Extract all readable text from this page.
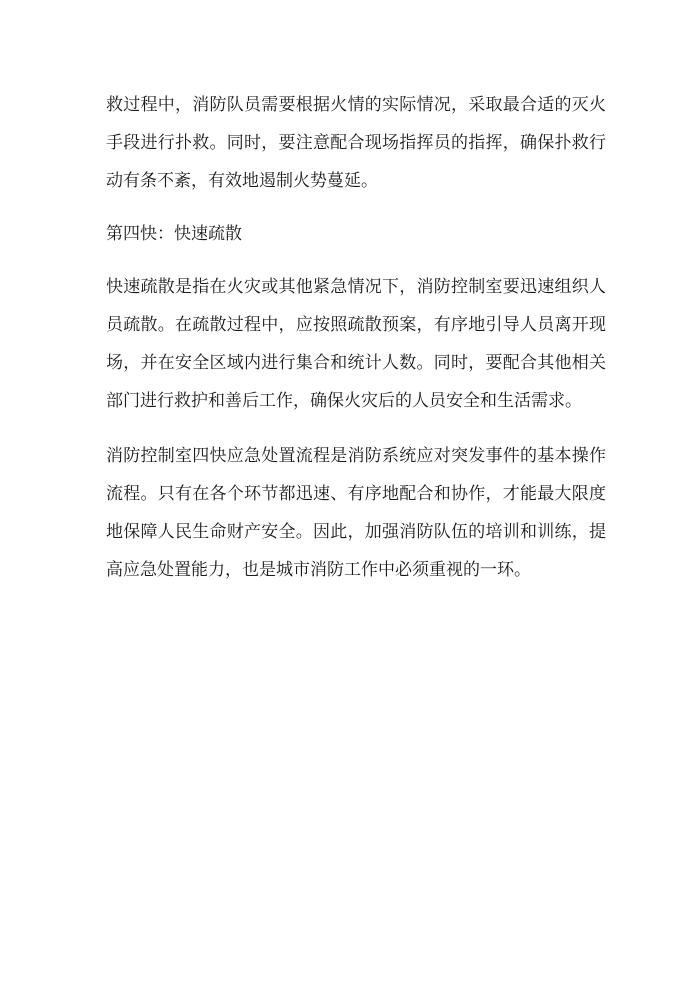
救过程中，消防队员需要根据火情的实际情况，采取最合适的灭火手段进行扑救。同时，要注意配合现场指挥员的指挥，确保扑救行动有条不紊，有效地遏制火势蔓延。

第四快：快速疏散

快速疏散是指在火灾或其他紧急情况下，消防控制室要迅速组织人员疏散。在疏散过程中，应按照疏散预案，有序地引导人员离开现场，并在安全区域内进行集合和统计人数。同时，要配合其他相关部门进行救护和善后工作，确保火灾后的人员安全和生活需求。

消防控制室四快应急处置流程是消防系统应对突发事件的基本操作流程。只有在各个环节都迅速、有序地配合和协作，才能最大限度地保障人民生命财产安全。因此，加强消防队伍的培训和训练，提高应急处置能力，也是城市消防工作中必须重视的一环。
